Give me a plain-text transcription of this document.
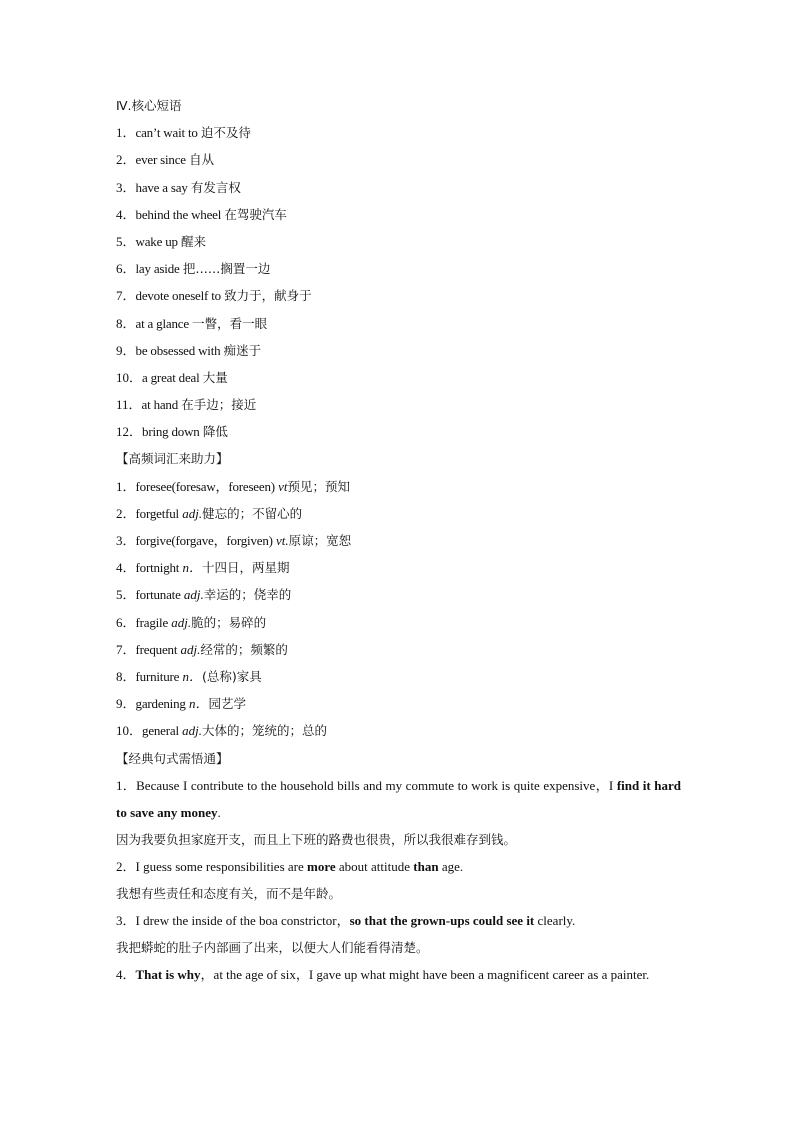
Ⅳ.核心短语
1．can’t wait to 迫不及待
2．ever since 自从
3．have a say 有发言权
4．behind the wheel 在驾驶汽车
5．wake up 醒来
6．lay aside 把……搁置一边
7．devote oneself to 致力于，献身于
8．at a glance 一瞥，看一眼
9．be obsessed with 痴迷于
10．a great deal 大量
11．at hand 在手边；接近
12．bring down 降低
【高频词汇来助力】
1．foresee(foresaw，foreseen) vt预见；预知
2．forgetful adj.健忘的；不留心的
3．forgive(forgave，forgiven) vt.原谅；宽恕
4．fortnight n．十四日，两星期
5．fortunate adj.幸运的；侥幸的
6．fragile adj.脆的；易碎的
7．frequent adj.经常的；频繁的
8．furniture n．(总称)家具
9．gardening n．园艺学
10．general adj.大体的；笼统的；总的
【经典句式需悟通】
1．Because I contribute to the household bills and my commute to work is quite expensive，I find it hard to save any money.
因为我要负担家庭开支，而且上下班的路费也很贵，所以我很难存到钱。
2．I guess some responsibilities are more about attitude than age.
我想有些责任和态度有关，而不是年龄。
3．I drew the inside of the boa constrictor，so that the grown-ups could see it clearly.
我把蟒蛇的肚子内部画了出来，以便大人们能看得清楚。
4．That is why，at the age of six，I gave up what might have been a magnificent career as a painter.
